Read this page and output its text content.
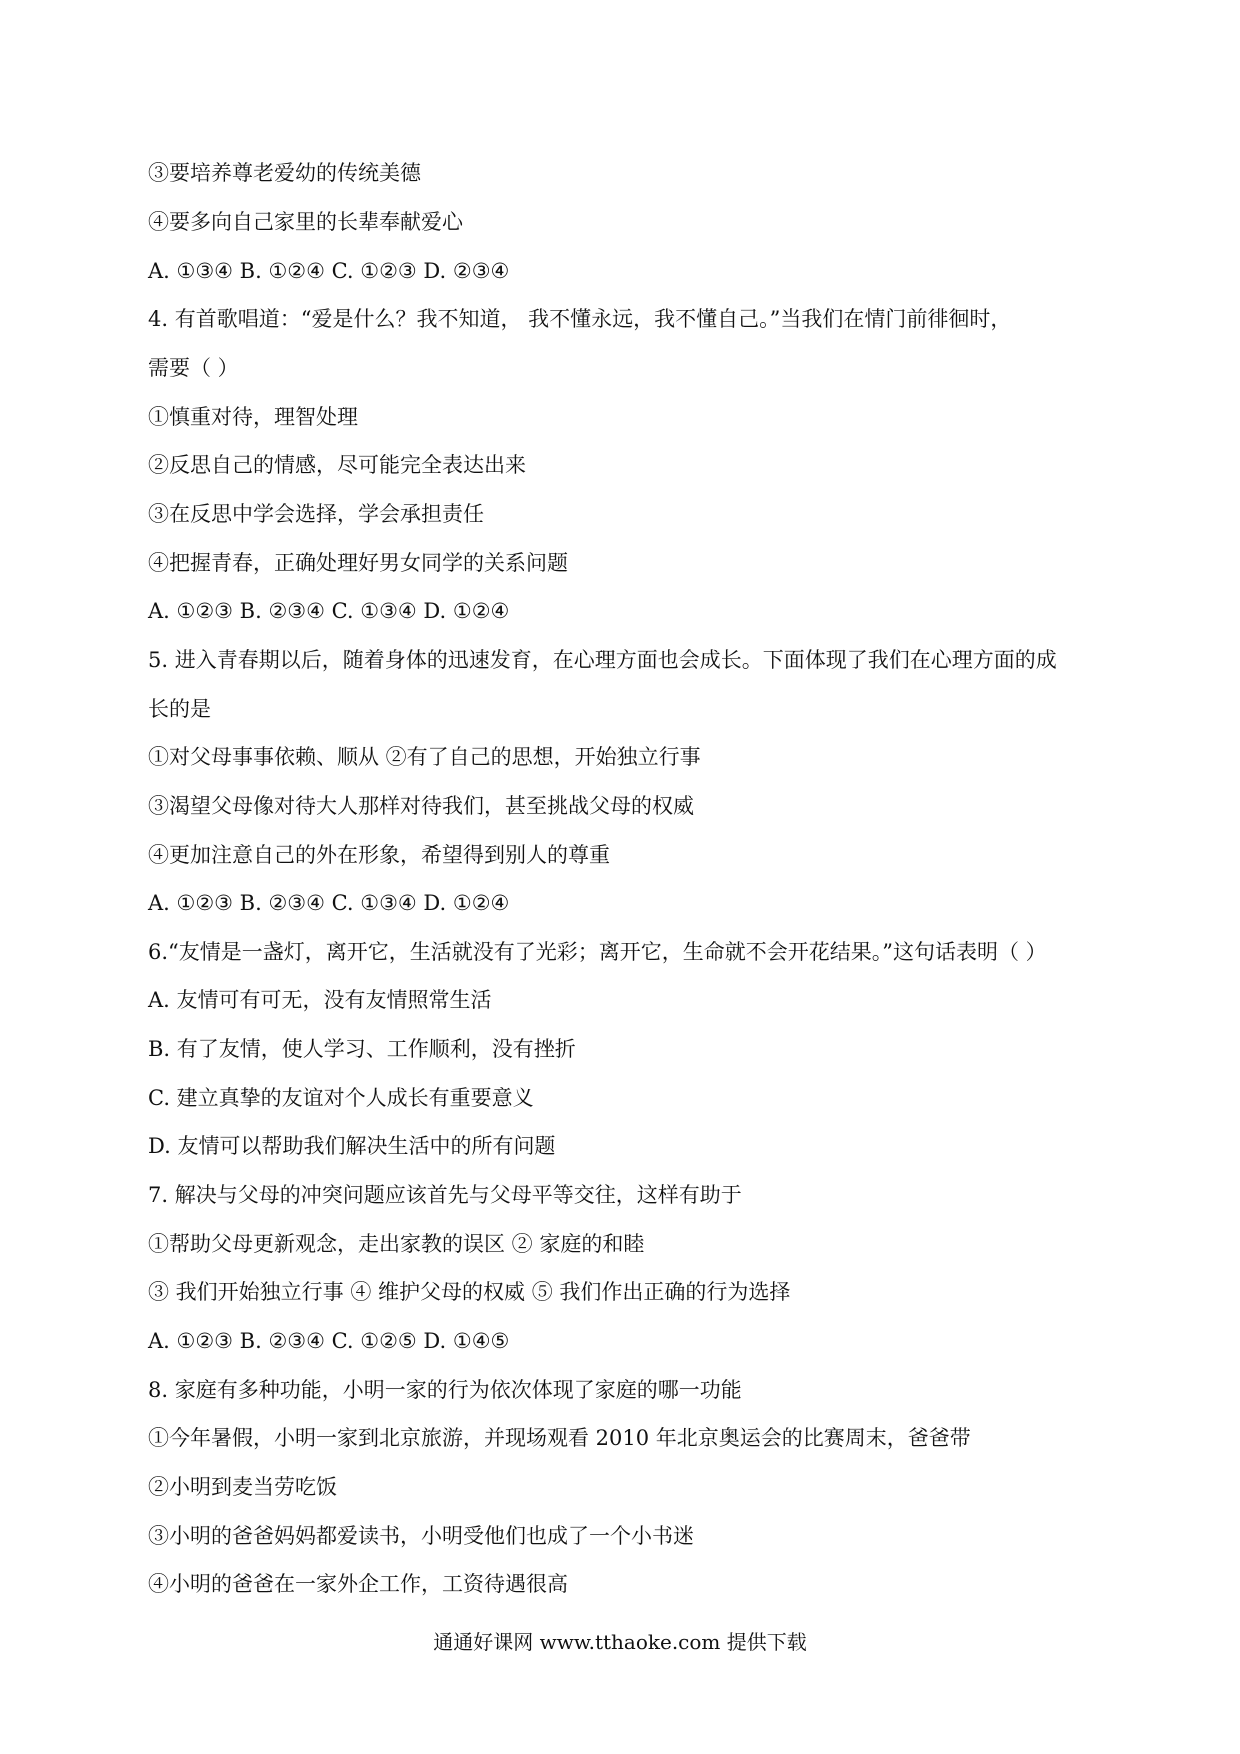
③要培养尊老爱幼的传统美德
④要多向自己家里的长辈奉献爱心
A. ①③④ B. ①②④ C. ①②③ D. ②③④
4. 有首歌唱道：“爱是什么？我不知道， 我不懂永远，我不懂自己。”当我们在情门前徘徊时，
需要（ ）
①慎重对待，理智处理
②反思自己的情感，尽可能完全表达出来
③在反思中学会选择，学会承担责任
④把握青春，正确处理好男女同学的关系问题
A. ①②③ B. ②③④ C. ①③④ D. ①②④
5. 进入青春期以后，随着身体的迅速发育，在心理方面也会成长。下面体现了我们在心理方面的成
长的是
①对父母事事依赖、顺从 ②有了自己的思想，开始独立行事
③渴望父母像对待大人那样对待我们，甚至挑战父母的权威
④更加注意自己的外在形象，希望得到别人的尊重
A. ①②③ B. ②③④ C. ①③④ D. ①②④
6.“友情是一盏灯，离开它，生活就没有了光彩；离开它，生命就不会开花结果。”这句话表明（ ）
A. 友情可有可无，没有友情照常生活
B. 有了友情，使人学习、工作顺利，没有挫折
C. 建立真挚的友谊对个人成长有重要意义
D. 友情可以帮助我们解决生活中的所有问题
7. 解决与父母的冲突问题应该首先与父母平等交往，这样有助于
①帮助父母更新观念，走出家教的误区 ② 家庭的和睦
③ 我们开始独立行事 ④ 维护父母的权威 ⑤ 我们作出正确的行为选择
A. ①②③ B. ②③④ C. ①②⑤ D. ①④⑤
8. 家庭有多种功能，小明一家的行为依次体现了家庭的哪一功能
①今年暑假，小明一家到北京旅游，并现场观看 2010 年北京奥运会的比赛周末，爸爸带
②小明到麦当劳吃饭
③小明的爸爸妈妈都爱读书，小明受他们也成了一个小书迷
④小明的爸爸在一家外企工作，工资待遇很高
通通好课网 www.tthaoke.com 提供下载
